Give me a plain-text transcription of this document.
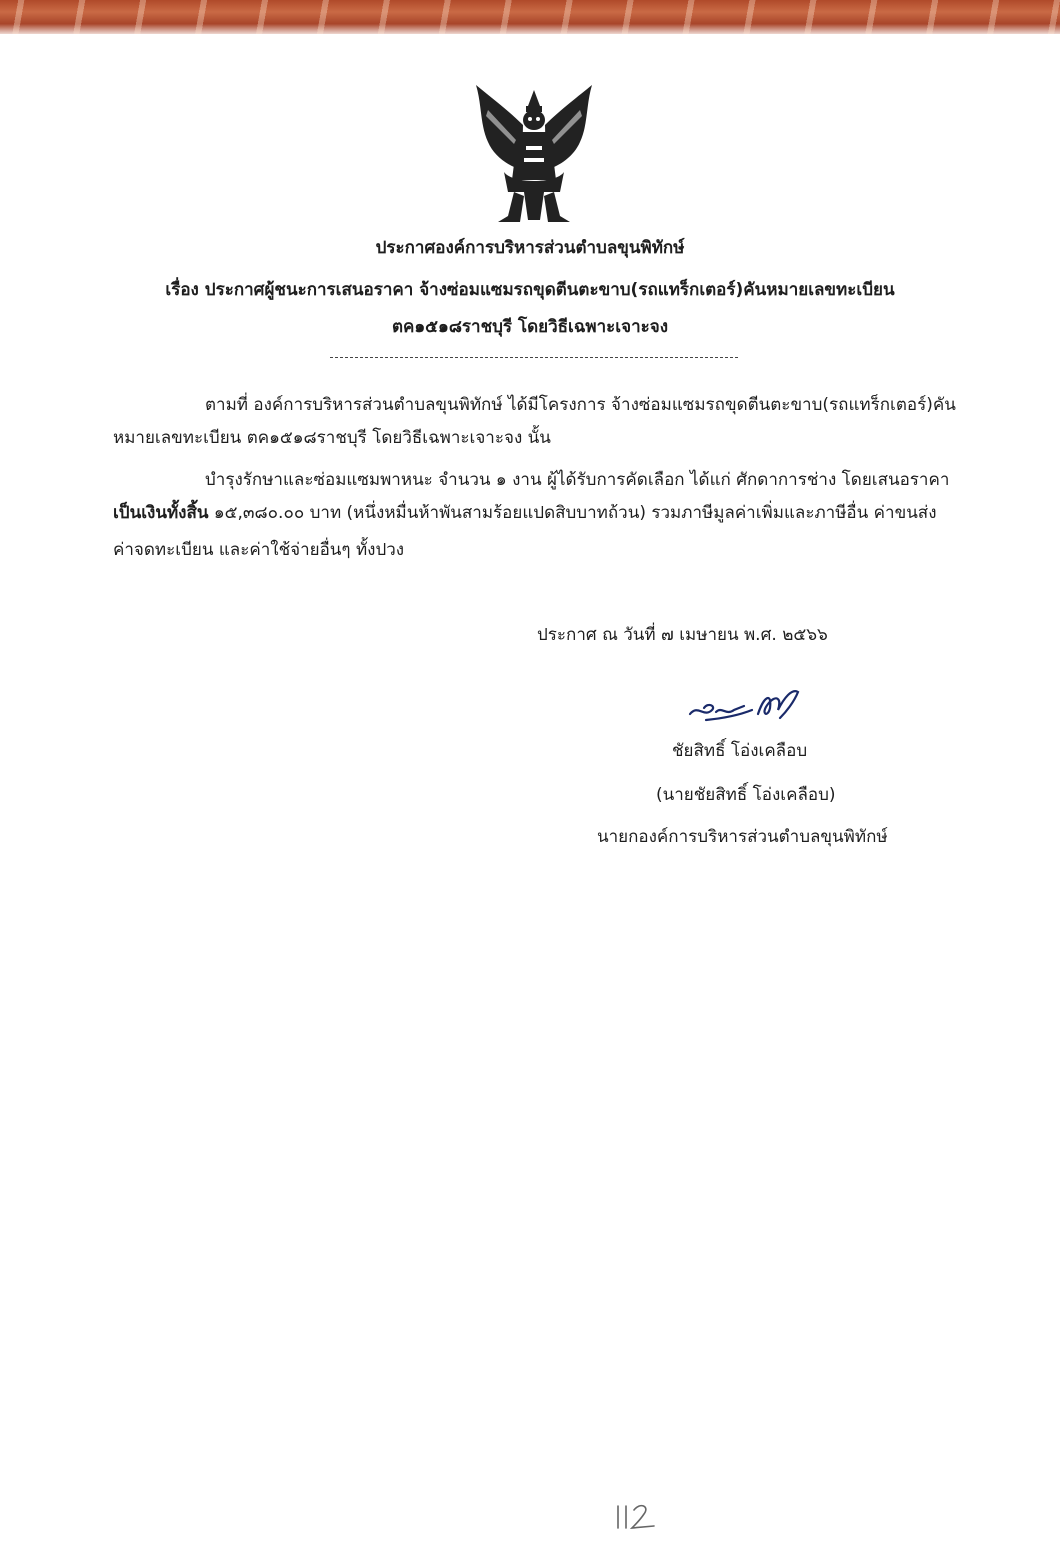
ประกาศองค์การบริหารส่วนตำบลขุนพิทักษ์
เรื่อง ประกาศผู้ชนะการเสนอราคา จ้างซ่อมแซมรถขุดตีนตะขาบ(รถแทร็กเตอร์)คันหมายเลขทะเบียน
ตค๑๕๑๘ราชบุรี โดยวิธีเฉพาะเจาะจง
ตามที่ องค์การบริหารส่วนตำบลขุนพิทักษ์ ได้มีโครงการ จ้างซ่อมแซมรถขุดตีนตะขาบ(รถแทร็กเตอร์)คัน
หมายเลขทะเบียน ตค๑๕๑๘ราชบุรี โดยวิธีเฉพาะเจาะจง นั้น
บำรุงรักษาและซ่อมแซมพาหนะ จำนวน ๑ งาน ผู้ได้รับการคัดเลือก ได้แก่ ศักดาการช่าง โดยเสนอราคา
เป็นเงินทั้งสิ้น ๑๕,๓๘๐.๐๐ บาท (หนึ่งหมื่นห้าพันสามร้อยแปดสิบบาทถ้วน) รวมภาษีมูลค่าเพิ่มและภาษีอื่น ค่าขนส่ง
ค่าจดทะเบียน และค่าใช้จ่ายอื่นๆ ทั้งปวง
ประกาศ ณ วันที่ ๗ เมษายน พ.ศ. ๒๕๖๖
ชัยสิทธิ์ โอ่งเคลือบ
(นายชัยสิทธิ์ โอ่งเคลือบ)
นายกองค์การบริหารส่วนตำบลขุนพิทักษ์
